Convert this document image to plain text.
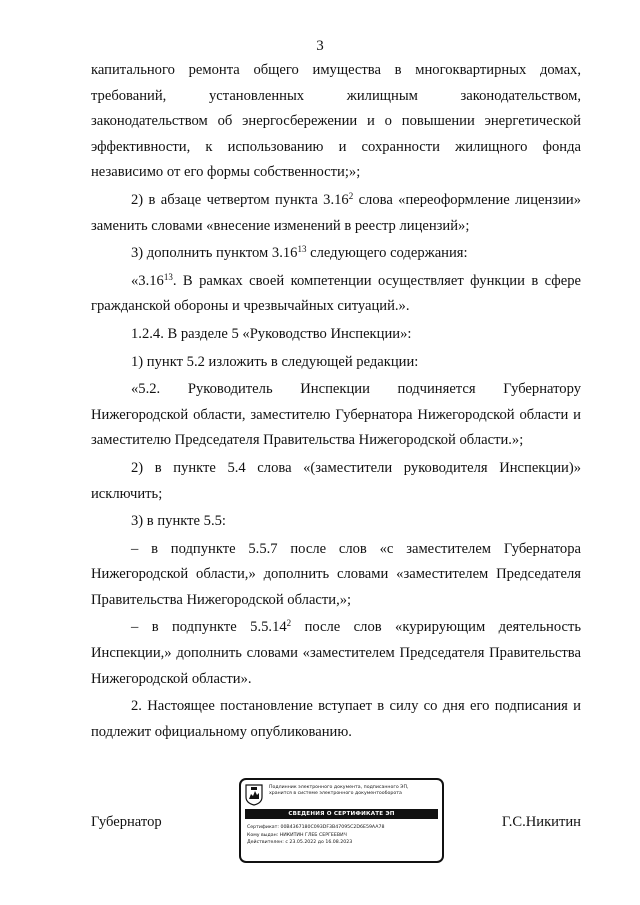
3

капитального ремонта общего имущества в многоквартирных домах, требований, установленных жилищным законодательством, законодательством об энергосбережении и о повышении энергетической эффективности, к использованию и сохранности жилищного фонда независимо от его формы собственности;»;

2) в абзаце четвертом пункта 3.16$^2$ слова «переоформление лицензии» заменить словами «внесение изменений в реестр лицензий»;

3) дополнить пунктом 3.16$^{13}$ следующего содержания:

«3.16$^{13}$. В рамках своей компетенции осуществляет функции в сфере гражданской обороны и чрезвычайных ситуаций.».

1.2.4. В разделе 5 «Руководство Инспекции»:

1) пункт 5.2 изложить в следующей редакции:

«5.2. Руководитель Инспекции подчиняется Губернатору Нижегородской области, заместителю Губернатора Нижегородской области и заместителю Председателя Правительства Нижегородской области.»;

2) в пункте 5.4 слова «(заместители руководителя Инспекции)» исключить;

3) в пункте 5.5:

– в подпункте 5.5.7 после слов «с заместителем Губернатора Нижегородской области,» дополнить словами «заместителем Председателя Правительства Нижегородской области,»;

– в подпункте 5.5.14$^2$ после слов «курирующим деятельность Инспекции,» дополнить словами «заместителем Председателя Правительства Нижегородской области».

2. Настоящее постановление вступает в силу со дня его подписания и подлежит официальному опубликованию.

Губернатор	Г.С.Никитин
Подлинник электронного документа, подписанного ЭП,
хранится в системе электронного документооборота
СВЕДЕНИЯ О СЕРТИФИКАТЕ ЭП
Сертификат: 00B4367180C093DF3B47095C2D6E59AA78
Кому выдан: НИКИТИН ГЛЕБ СЕРГЕЕВИЧ
Действителен: с 23.05.2022 до 16.08.2023
